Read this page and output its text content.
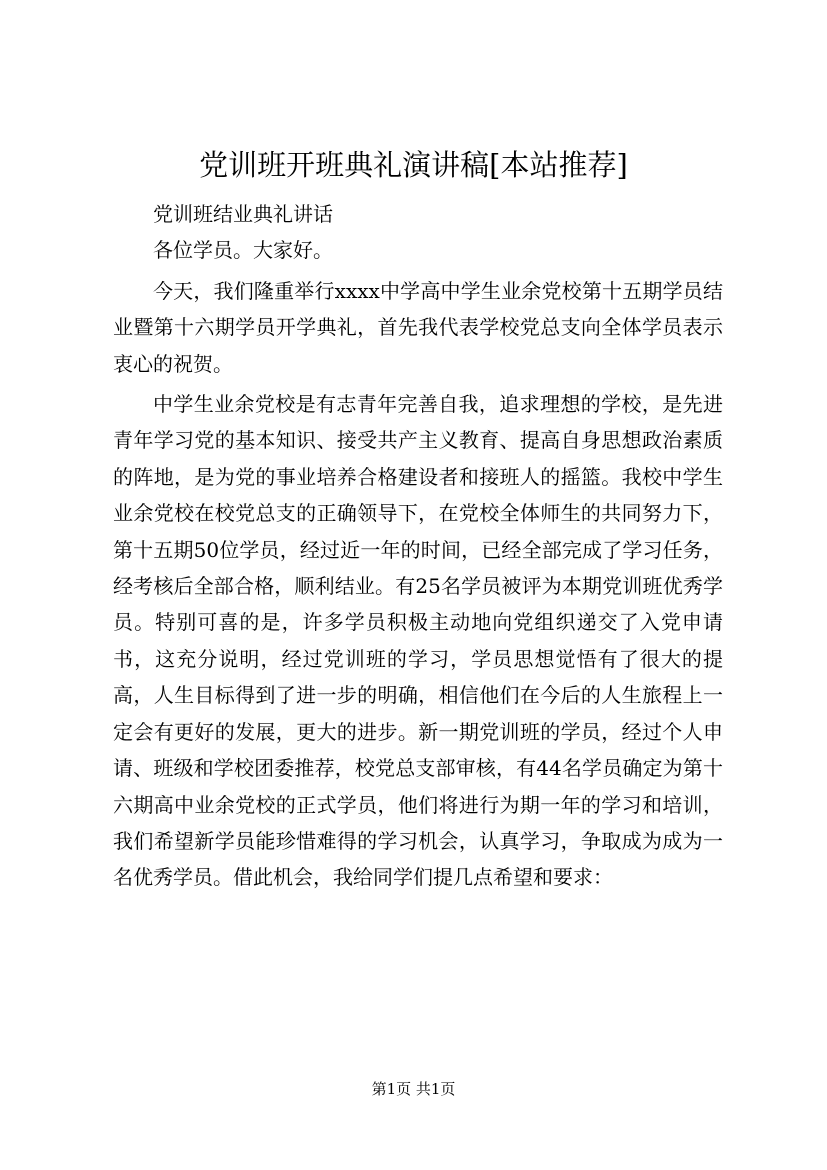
党训班开班典礼演讲稿[本站推荐]

党训班结业典礼讲话

各位学员。大家好。

今天，我们隆重举行xxxx中学高中学生业余党校第十五期学员结业暨第十六期学员开学典礼，首先我代表学校党总支向全体学员表示衷心的祝贺。

中学生业余党校是有志青年完善自我，追求理想的学校，是先进青年学习党的基本知识、接受共产主义教育、提高自身思想政治素质的阵地，是为党的事业培养合格建设者和接班人的摇篮。我校中学生业余党校在校党总支的正确领导下，在党校全体师生的共同努力下，第十五期50位学员，经过近一年的时间，已经全部完成了学习任务，经考核后全部合格，顺利结业。有25名学员被评为本期党训班优秀学员。特别可喜的是，许多学员积极主动地向党组织递交了入党申请书，这充分说明，经过党训班的学习，学员思想觉悟有了很大的提高，人生目标得到了进一步的明确，相信他们在今后的人生旅程上一定会有更好的发展，更大的进步。新一期党训班的学员，经过个人申请、班级和学校团委推荐，校党总支部审核，有44名学员确定为第十六期高中业余党校的正式学员，他们将进行为期一年的学习和培训，我们希望新学员能珍惜难得的学习机会，认真学习，争取成为成为一名优秀学员。借此机会，我给同学们提几点希望和要求：

第1页 共1页
